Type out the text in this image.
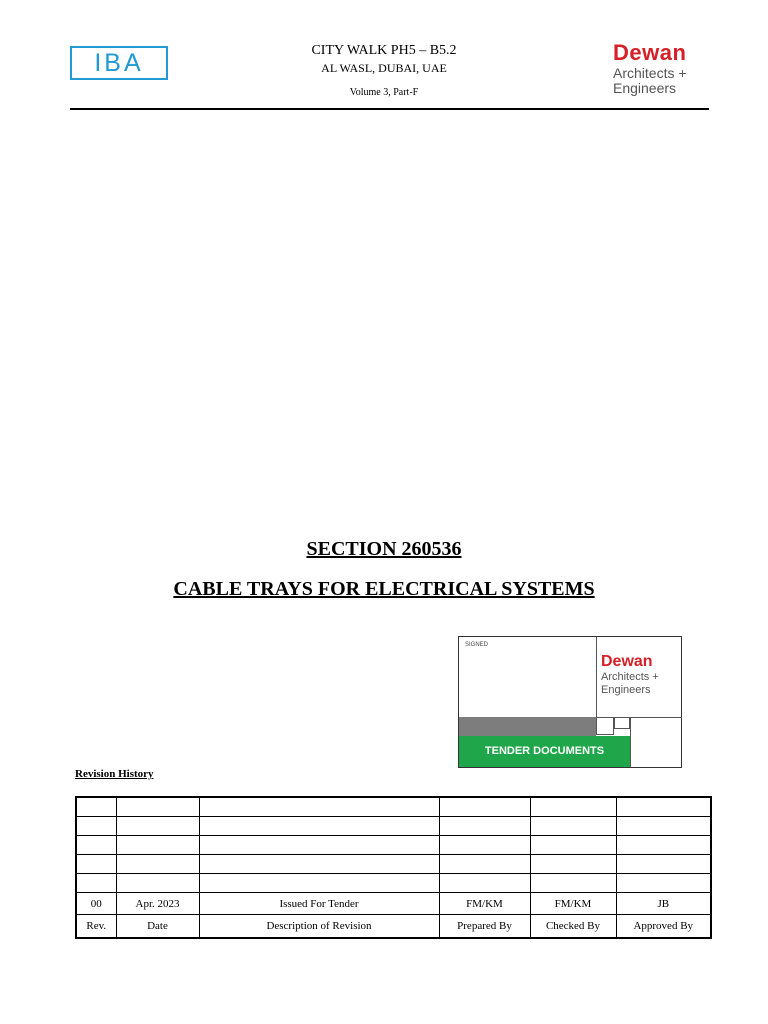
IBA	CITY WALK PH5 – B5.2
AL WASL, DUBAI, UAE
Volume 3, Part-F
Dewan
Architects +
Engineers
SECTION 260536
CABLE TRAYS FOR ELECTRICAL SYSTEMS
SIGNED
Dewan
Architects +
Engineers
TENDER DOCUMENTS
Revision History

00	Apr. 2023	Issued For Tender	FM/KM	FM/KM	JB
Rev.	Date	Description of Revision	Prepared By	Checked By	Approved By
